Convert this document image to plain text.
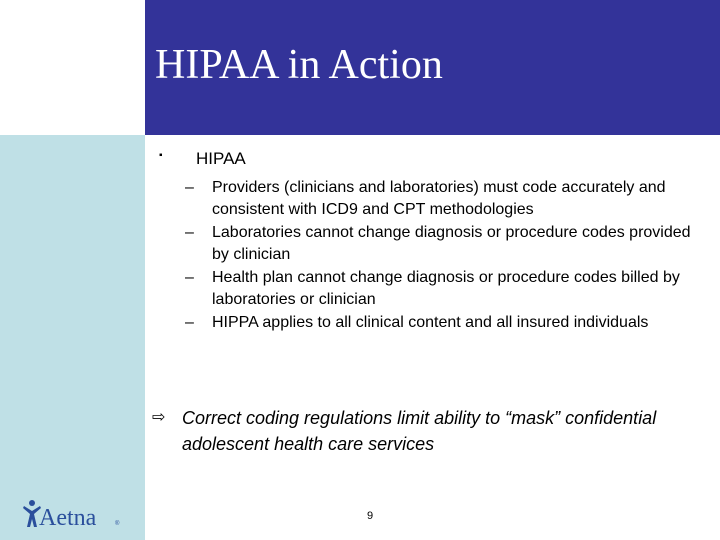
HIPAA in Action
▪ HIPAA
– Providers (clinicians and laboratories) must code accurately and consistent with ICD9 and CPT methodologies
– Laboratories cannot change diagnosis or procedure codes provided by clinician
– Health plan cannot change diagnosis or procedure codes billed by laboratories or clinician
– HIPPA applies to all clinical content and all insured individuals
⇨ Correct coding regulations limit ability to “mask” confidential adolescent health care services
9
Aetna	®
